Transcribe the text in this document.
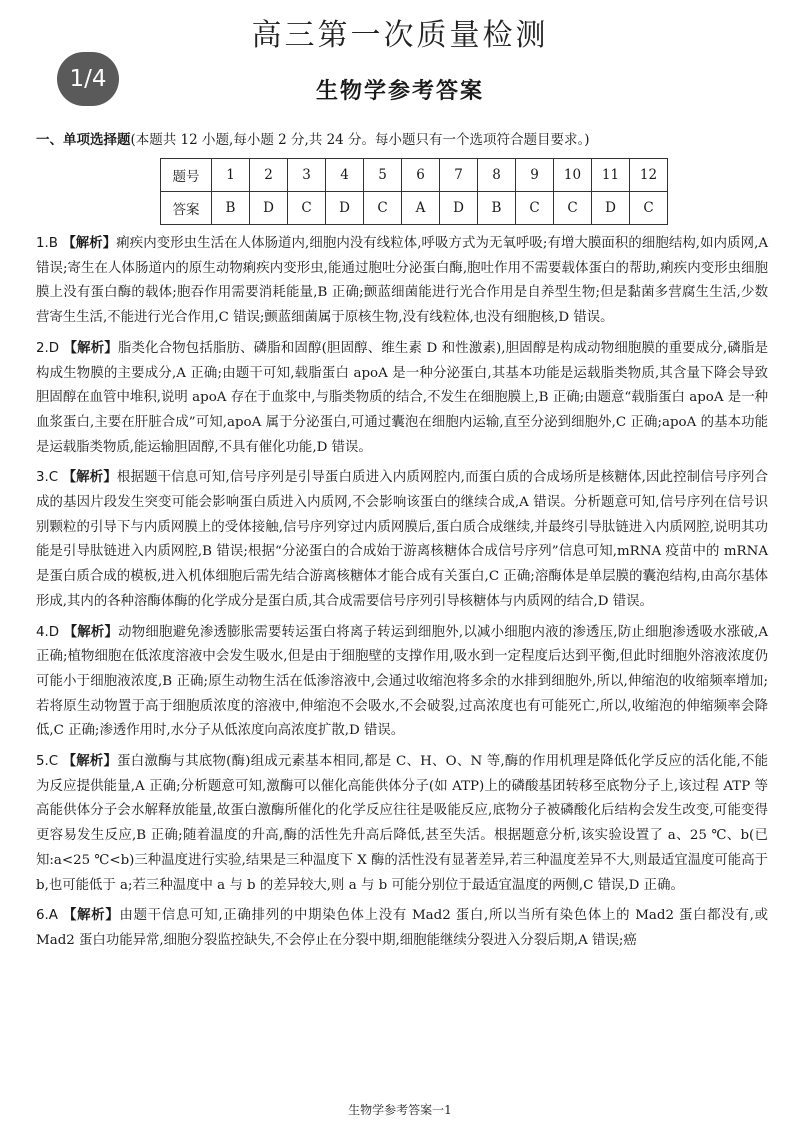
高三第一次质量检测
1/4	生物学参考答案
一、单项选择题(本题共 12 小题,每小题 2 分,共 24 分。每小题只有一个选项符合题目要求。)
题号	1	2	3	4	5	6	7	8	9	10	11	12
答案	B	D	C	D	C	A	D	B	C	C	D	C

1.B 【解析】痢疾内变形虫生活在人体肠道内,细胞内没有线粒体,呼吸方式为无氧呼吸;有增大膜面积的细胞结构,如内质网,A 错误;寄生在人体肠道内的原生动物痢疾内变形虫,能通过胞吐分泌蛋白酶,胞吐作用不需要载体蛋白的帮助,痢疾内变形虫细胞膜上没有蛋白酶的载体;胞吞作用需要消耗能量,B 正确;颤蓝细菌能进行光合作用是自养型生物;但是黏菌多营腐生生活,少数营寄生生活,不能进行光合作用,C 错误;颤蓝细菌属于原核生物,没有线粒体,也没有细胞核,D 错误。

2.D 【解析】脂类化合物包括脂肪、磷脂和固醇(胆固醇、维生素 D 和性激素),胆固醇是构成动物细胞膜的重要成分,磷脂是构成生物膜的主要成分,A 正确;由题干可知,载脂蛋白 apoA 是一种分泌蛋白,其基本功能是运载脂类物质,其含量下降会导致胆固醇在血管中堆积,说明 apoA 存在于血浆中,与脂类物质的结合,不发生在细胞膜上,B 正确;由题意“载脂蛋白 apoA 是一种血浆蛋白,主要在肝脏合成”可知,apoA 属于分泌蛋白,可通过囊泡在细胞内运输,直至分泌到细胞外,C 正确;apoA 的基本功能是运载脂类物质,能运输胆固醇,不具有催化功能,D 错误。

3.C 【解析】根据题干信息可知,信号序列是引导蛋白质进入内质网腔内,而蛋白质的合成场所是核糖体,因此控制信号序列合成的基因片段发生突变可能会影响蛋白质进入内质网,不会影响该蛋白的继续合成,A 错误。分析题意可知,信号序列在信号识别颗粒的引导下与内质网膜上的受体接触,信号序列穿过内质网膜后,蛋白质合成继续,并最终引导肽链进入内质网腔,说明其功能是引导肽链进入内质网腔,B 错误;根据“分泌蛋白的合成始于游离核糖体合成信号序列”信息可知,mRNA 疫苗中的 mRNA 是蛋白质合成的模板,进入机体细胞后需先结合游离核糖体才能合成有关蛋白,C 正确;溶酶体是单层膜的囊泡结构,由高尔基体形成,其内的各种溶酶体酶的化学成分是蛋白质,其合成需要信号序列引导核糖体与内质网的结合,D 错误。

4.D 【解析】动物细胞避免渗透膨胀需要转运蛋白将离子转运到细胞外,以减小细胞内液的渗透压,防止细胞渗透吸水涨破,A 正确;植物细胞在低浓度溶液中会发生吸水,但是由于细胞壁的支撑作用,吸水到一定程度后达到平衡,但此时细胞外溶液浓度仍可能小于细胞液浓度,B 正确;原生动物生活在低渗溶液中,会通过收缩泡将多余的水排到细胞外,所以,伸缩泡的收缩频率增加;若将原生动物置于高于细胞质浓度的溶液中,伸缩泡不会吸水,不会破裂,过高浓度也有可能死亡,所以,收缩泡的伸缩频率会降低,C 正确;渗透作用时,水分子从低浓度向高浓度扩散,D 错误。

5.C 【解析】蛋白激酶与其底物(酶)组成元素基本相同,都是 C、H、O、N 等,酶的作用机理是降低化学反应的活化能,不能为反应提供能量,A 正确;分析题意可知,激酶可以催化高能供体分子(如 ATP)上的磷酸基团转移至底物分子上,该过程 ATP 等高能供体分子会水解释放能量,故蛋白激酶所催化的化学反应往往是吸能反应,底物分子被磷酸化后结构会发生改变,可能变得更容易发生反应,B 正确;随着温度的升高,酶的活性先升高后降低,甚至失活。根据题意分析,该实验设置了 a、25 ℃、b(已知:a<25 ℃<b)三种温度进行实验,结果是三种温度下 X 酶的活性没有显著差异,若三种温度差异不大,则最适宜温度可能高于 b,也可能低于 a;若三种温度中 a 与 b 的差异较大,则 a 与 b 可能分别位于最适宜温度的两侧,C 错误,D 正确。

6.A 【解析】由题干信息可知,正确排列的中期染色体上没有 Mad2 蛋白,所以当所有染色体上的 Mad2 蛋白都没有,或 Mad2 蛋白功能异常,细胞分裂监控缺失,不会停止在分裂中期,细胞能继续分裂进入分裂后期,A 错误;癌

生物学参考答案一1
